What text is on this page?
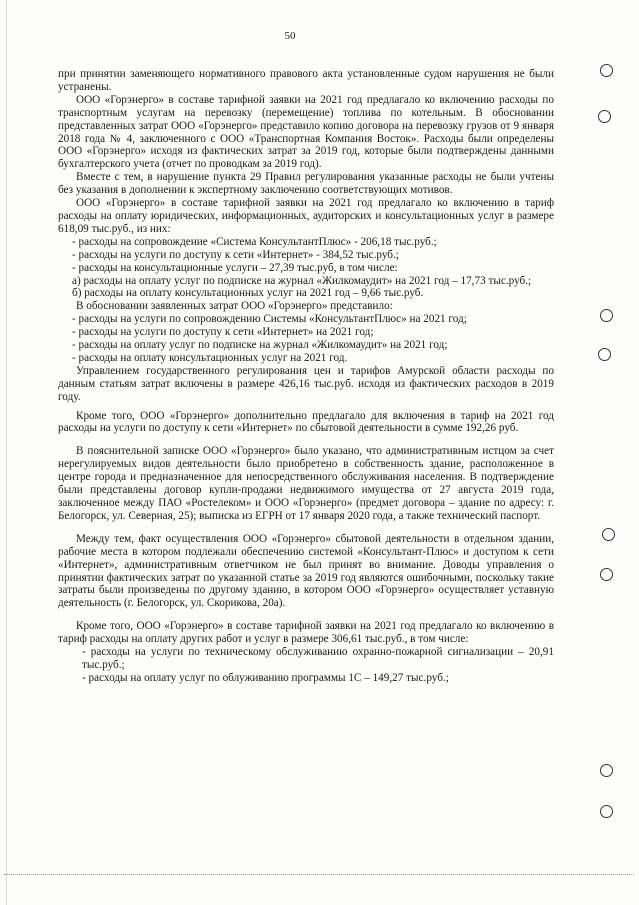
50

при принятии заменяющего нормативного правового акта установленные судом нарушения не были устранены.

ООО «Горэнерго» в составе тарифной заявки на 2021 год предлагало ко включению расходы по транспортным услугам на перевозку (перемещение) топлива по котельным. В обосновании представленных затрат ООО «Горэнерго» представило копию договора на перевозку грузов от 9 января 2018 года № 4, заключенного с ООО «Транспортная Компания Восток». Расходы были определены ООО «Горэнерго» исходя из фактических затрат за 2019 год, которые были подтверждены данными бухгалтерского учета (отчет по проводкам за 2019 год).

Вместе с тем, в нарушение пункта 29 Правил регулирования указанные расходы не были учтены без указания в дополнении к экспертному заключению соответствующих мотивов.

ООО «Горэнерго» в составе тарифной заявки на 2021 год предлагало ко включению в тариф расходы на оплату юридических, информационных, аудиторских и консультационных услуг в размере 618,09 тыс.руб., из них:

- расходы на сопровождение «Система КонсультантПлюс» - 206,18 тыс.руб.;

- расходы на услуги по доступу к сети «Интернет» - 384,52 тыс.руб.;

- расходы на консультационные услуги – 27,39 тыс.руб, в том числе:

а) расходы на оплату услуг по подписке на журнал «Жилкомаудит» на 2021 год – 17,73 тыс.руб.;

б) расходы на оплату консультационных услуг на 2021 год – 9,66 тыс.руб.

В обосновании заявленных затрат ООО «Горэнерго» представило:

- расходы на услуги по сопровождению Системы «КонсультантПлюс» на 2021 год;

- расходы на услуги по доступу к сети «Интернет» на 2021 год;

- расходы на оплату услуг по подписке на журнал «Жилкомаудит» на 2021 год;

- расходы на оплату консультационных услуг на 2021 год.

Управлением государственного регулирования цен и тарифов Амурской области расходы по данным статьям затрат включены в размере 426,16 тыс.руб. исходя из фактических расходов в 2019 году.

Кроме того, ООО «Горэнерго» дополнительно предлагало для включения в тариф на 2021 год расходы на услуги по доступу к сети «Интернет» по сбытовой деятельности в сумме 192,26 руб.

В пояснительной записке ООО «Горэнерго» было указано, что административным истцом за счет нерегулируемых видов деятельности было приобретено в собственность здание, расположенное в центре города и предназначенное для непосредственного обслуживания населения. В подтверждение были представлены договор купли-продажи недвижимого имущества от 27 августа 2019 года, заключенное между ПАО «Ростелеком» и ООО «Горэнерго» (предмет договора – здание по адресу: г. Белогорск, ул. Северная, 25); выписка из ЕГРН от 17 января 2020 года, а также технический паспорт.

Между тем, факт осуществления ООО «Горэнерго» сбытовой деятельности в отдельном здании, рабочие места в котором подлежали обеспечению системой «Консультант-Плюс» и доступом к сети «Интернет», административным ответчиком не был принят во внимание. Доводы управления о принятии фактических затрат по указанной статье за 2019 год являются ошибочными, поскольку такие затраты были произведены по другому зданию, в котором ООО «Горэнерго» осуществляет уставную деятельность (г. Белогорск, ул. Скорикова, 20а).

Кроме того, ООО «Горэнерго» в составе тарифной заявки на 2021 год предлагало ко включению в тариф расходы на оплату других работ и услуг в размере 306,61 тыс.руб., в том числе:

- расходы на услуги по техническому обслуживанию охранно-пожарной сигнализации – 20,91 тыс.руб.;

- расходы на оплату услуг по облуживанию программы 1С – 149,27 тыс.руб.;
